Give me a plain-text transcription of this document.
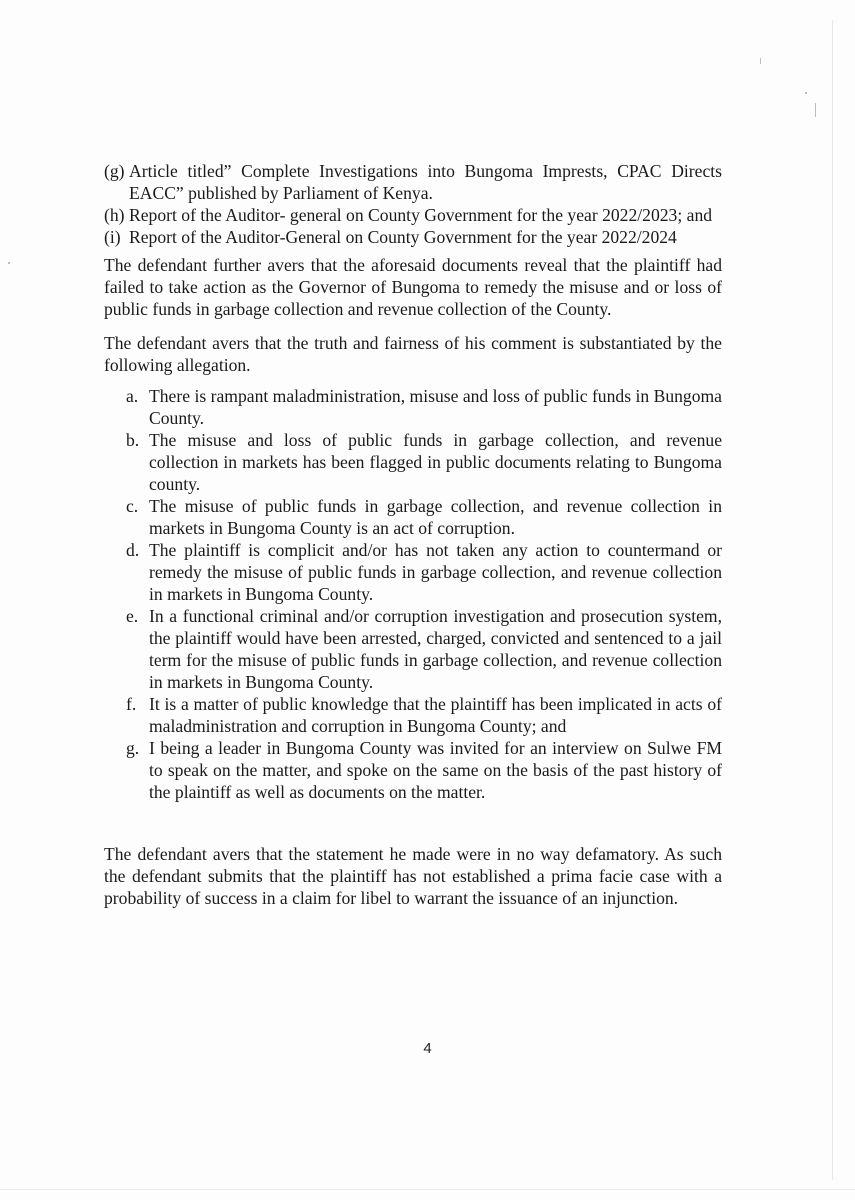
(g) Article titled” Complete Investigations into Bungoma Imprests, CPAC Directs EACC” published by Parliament of Kenya.
(h) Report of the Auditor- general on County Government for the year 2022/2023; and
(i) Report of the Auditor-General on County Government for the year 2022/2024

The defendant further avers that the aforesaid documents reveal that the plaintiff had failed to take action as the Governor of Bungoma to remedy the misuse and or loss of public funds in garbage collection and revenue collection of the County.

The defendant avers that the truth and fairness of his comment is substantiated by the following allegation.

a. There is rampant maladministration, misuse and loss of public funds in Bungoma County.
b. The misuse and loss of public funds in garbage collection, and revenue collection in markets has been flagged in public documents relating to Bungoma county.
c. The misuse of public funds in garbage collection, and revenue collection in markets in Bungoma County is an act of corruption.
d. The plaintiff is complicit and/or has not taken any action to countermand or remedy the misuse of public funds in garbage collection, and revenue collection in markets in Bungoma County.
e. In a functional criminal and/or corruption investigation and prosecution system, the plaintiff would have been arrested, charged, convicted and sentenced to a jail term for the misuse of public funds in garbage collection, and revenue collection in markets in Bungoma County.
f. It is a matter of public knowledge that the plaintiff has been implicated in acts of maladministration and corruption in Bungoma County; and
g. I being a leader in Bungoma County was invited for an interview on Sulwe FM to speak on the matter, and spoke on the same on the basis of the past history of the plaintiff as well as documents on the matter.

The defendant avers that the statement he made were in no way defamatory. As such the defendant submits that the plaintiff has not established a prima facie case with a probability of success in a claim for libel to warrant the issuance of an injunction.

4
